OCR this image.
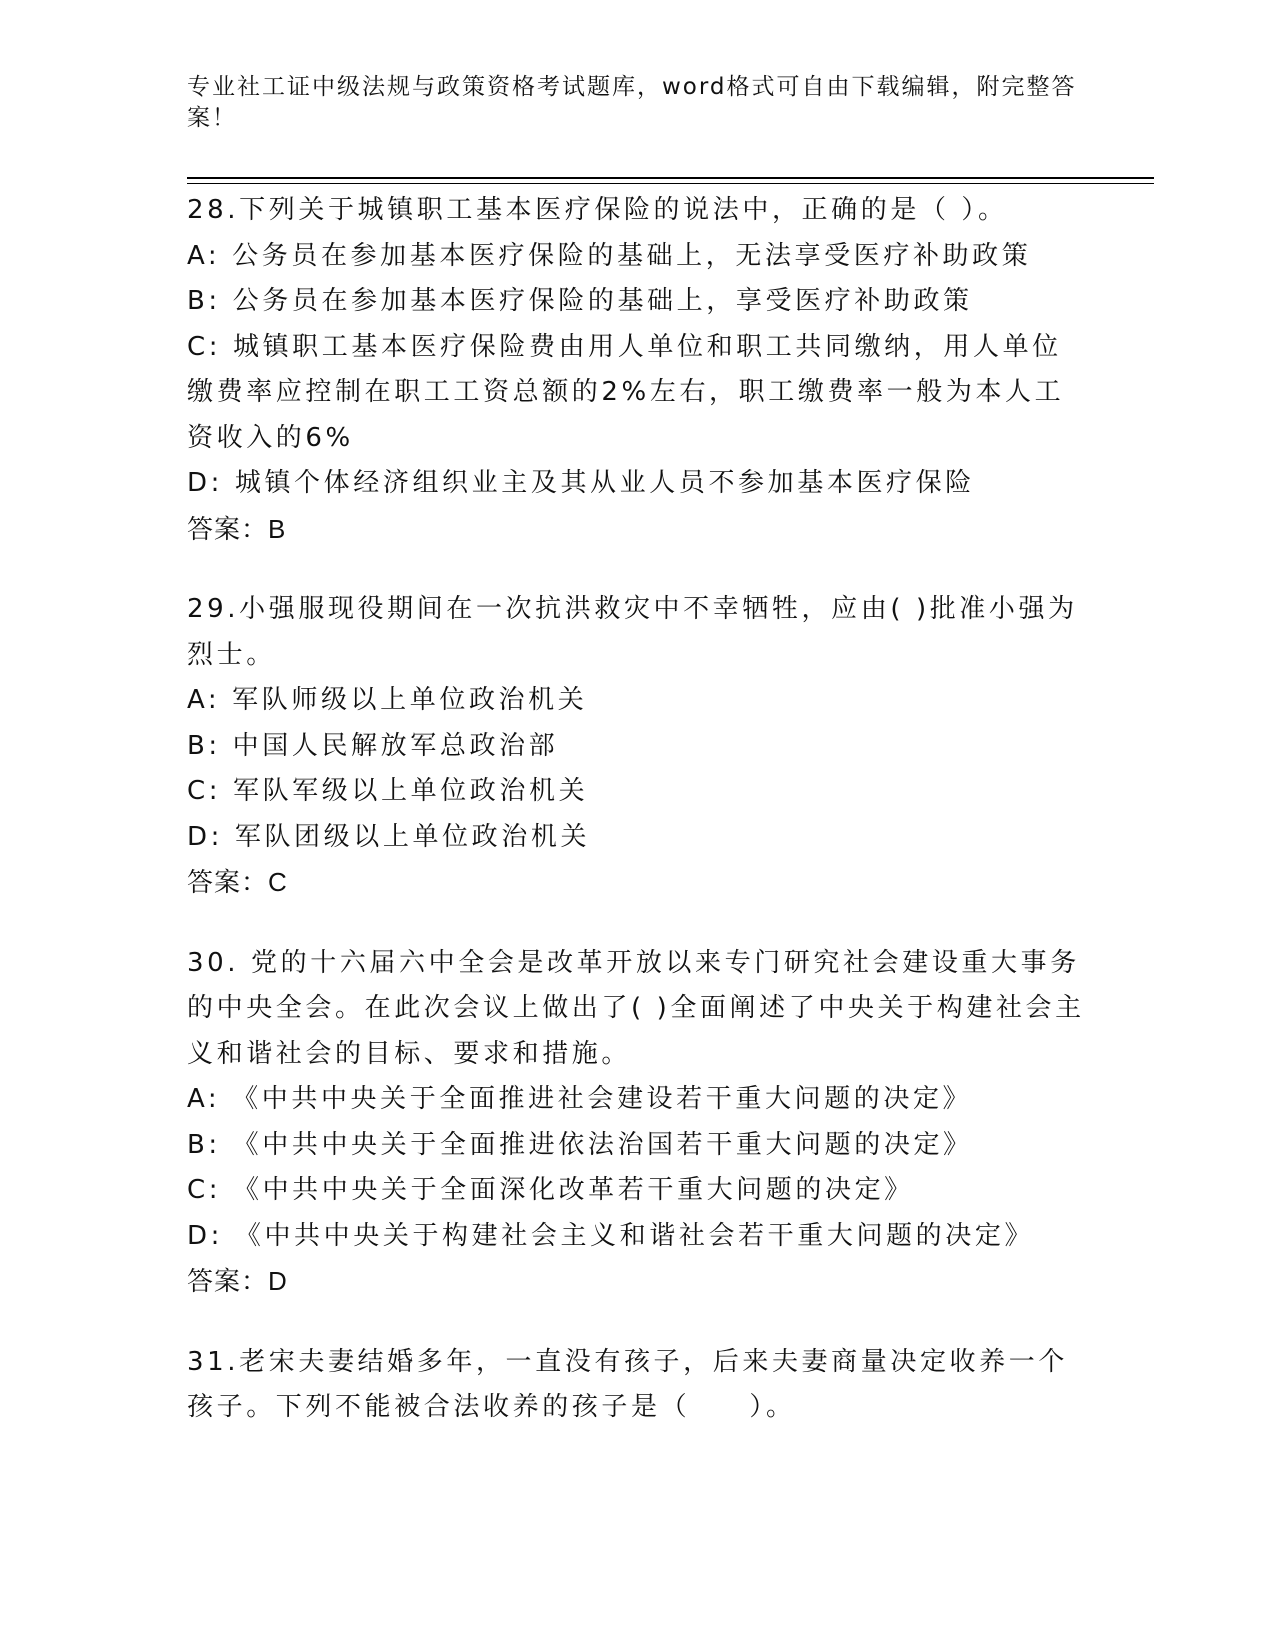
专业社工证中级法规与政策资格考试题库，word格式可自由下载编辑，附完整答案！
28.下列关于城镇职工基本医疗保险的说法中，正确的是（ ）。
A: 公务员在参加基本医疗保险的基础上，无法享受医疗补助政策
B: 公务员在参加基本医疗保险的基础上，享受医疗补助政策
C: 城镇职工基本医疗保险费由用人单位和职工共同缴纳，用人单位缴费率应控制在职工工资总额的2%左右，职工缴费率一般为本人工资收入的6%
D: 城镇个体经济组织业主及其从业人员不参加基本医疗保险
答案：B
29.小强服现役期间在一次抗洪救灾中不幸牺牲，应由( )批准小强为烈士。
A: 军队师级以上单位政治机关
B: 中国人民解放军总政治部
C: 军队军级以上单位政治机关
D: 军队团级以上单位政治机关
答案：C
30. 党的十六届六中全会是改革开放以来专门研究社会建设重大事务的中央全会。在此次会议上做出了( )全面阐述了中央关于构建社会主义和谐社会的目标、要求和措施。
A: 《中共中央关于全面推进社会建设若干重大问题的决定》
B: 《中共中央关于全面推进依法治国若干重大问题的决定》
C: 《中共中央关于全面深化改革若干重大问题的决定》
D: 《中共中央关于构建社会主义和谐社会若干重大问题的决定》
答案：D
31.老宋夫妻结婚多年，一直没有孩子，后来夫妻商量决定收养一个孩子。下列不能被合法收养的孩子是（　　）。
